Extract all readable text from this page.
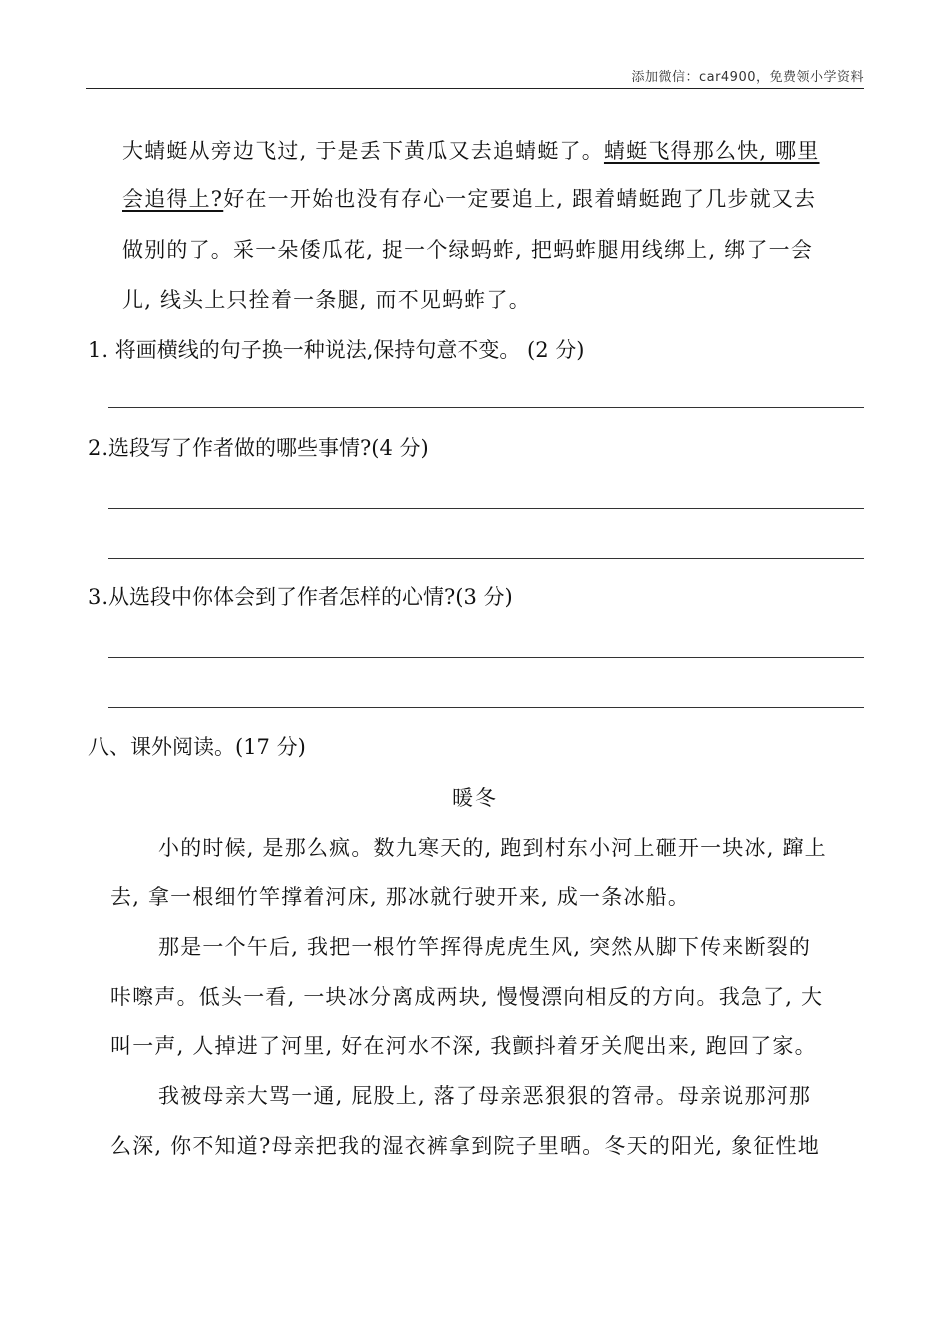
添加微信：car4900，免费领小学资料
大蜻蜓从旁边飞过, 于是丢下黄瓜又去追蜻蜓了。蜻蜓飞得那么快, 哪里
会追得上?好在一开始也没有存心一定要追上, 跟着蜻蜓跑了几步就又去
做别的了。采一朵倭瓜花, 捉一个绿蚂蚱, 把蚂蚱腿用线绑上, 绑了一会
儿, 线头上只拴着一条腿, 而不见蚂蚱了。
1. 将画横线的句子换一种说法,保持句意不变。 (2 分)
2.选段写了作者做的哪些事情?(4 分)
3.从选段中你体会到了作者怎样的心情?(3 分)
八、课外阅读。(17 分)
暖冬
小的时候, 是那么疯。数九寒天的, 跑到村东小河上砸开一块冰, 蹿上
去, 拿一根细竹竿撑着河床, 那冰就行驶开来, 成一条冰船。
那是一个午后, 我把一根竹竿挥得虎虎生风, 突然从脚下传来断裂的
咔嚓声。低头一看, 一块冰分离成两块, 慢慢漂向相反的方向。我急了, 大
叫一声, 人掉进了河里, 好在河水不深, 我颤抖着牙关爬出来, 跑回了家。
我被母亲大骂一通, 屁股上, 落了母亲恶狠狠的笤帚。母亲说那河那
么深, 你不知道?母亲把我的湿衣裤拿到院子里晒。冬天的阳光, 象征性地
